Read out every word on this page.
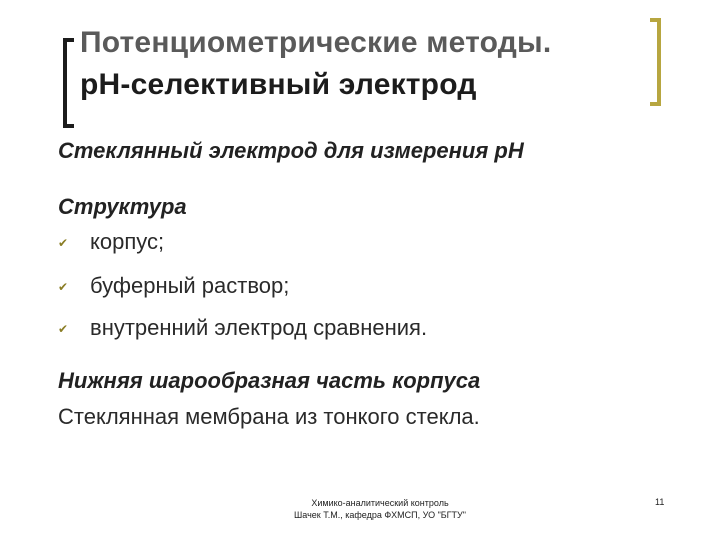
Потенциометрические методы.
рН-селективный электрод
Стеклянный электрод для измерения рН
Структура
✔ корпус;
✔ буферный раствор;
✔ внутренний электрод сравнения.
Нижняя шарообразная часть корпуса
Стеклянная мембрана из тонкого стекла.
Химико-аналитический контроль
Шачек Т.М., кафедра ФХМСП, УО "БГТУ"
11
